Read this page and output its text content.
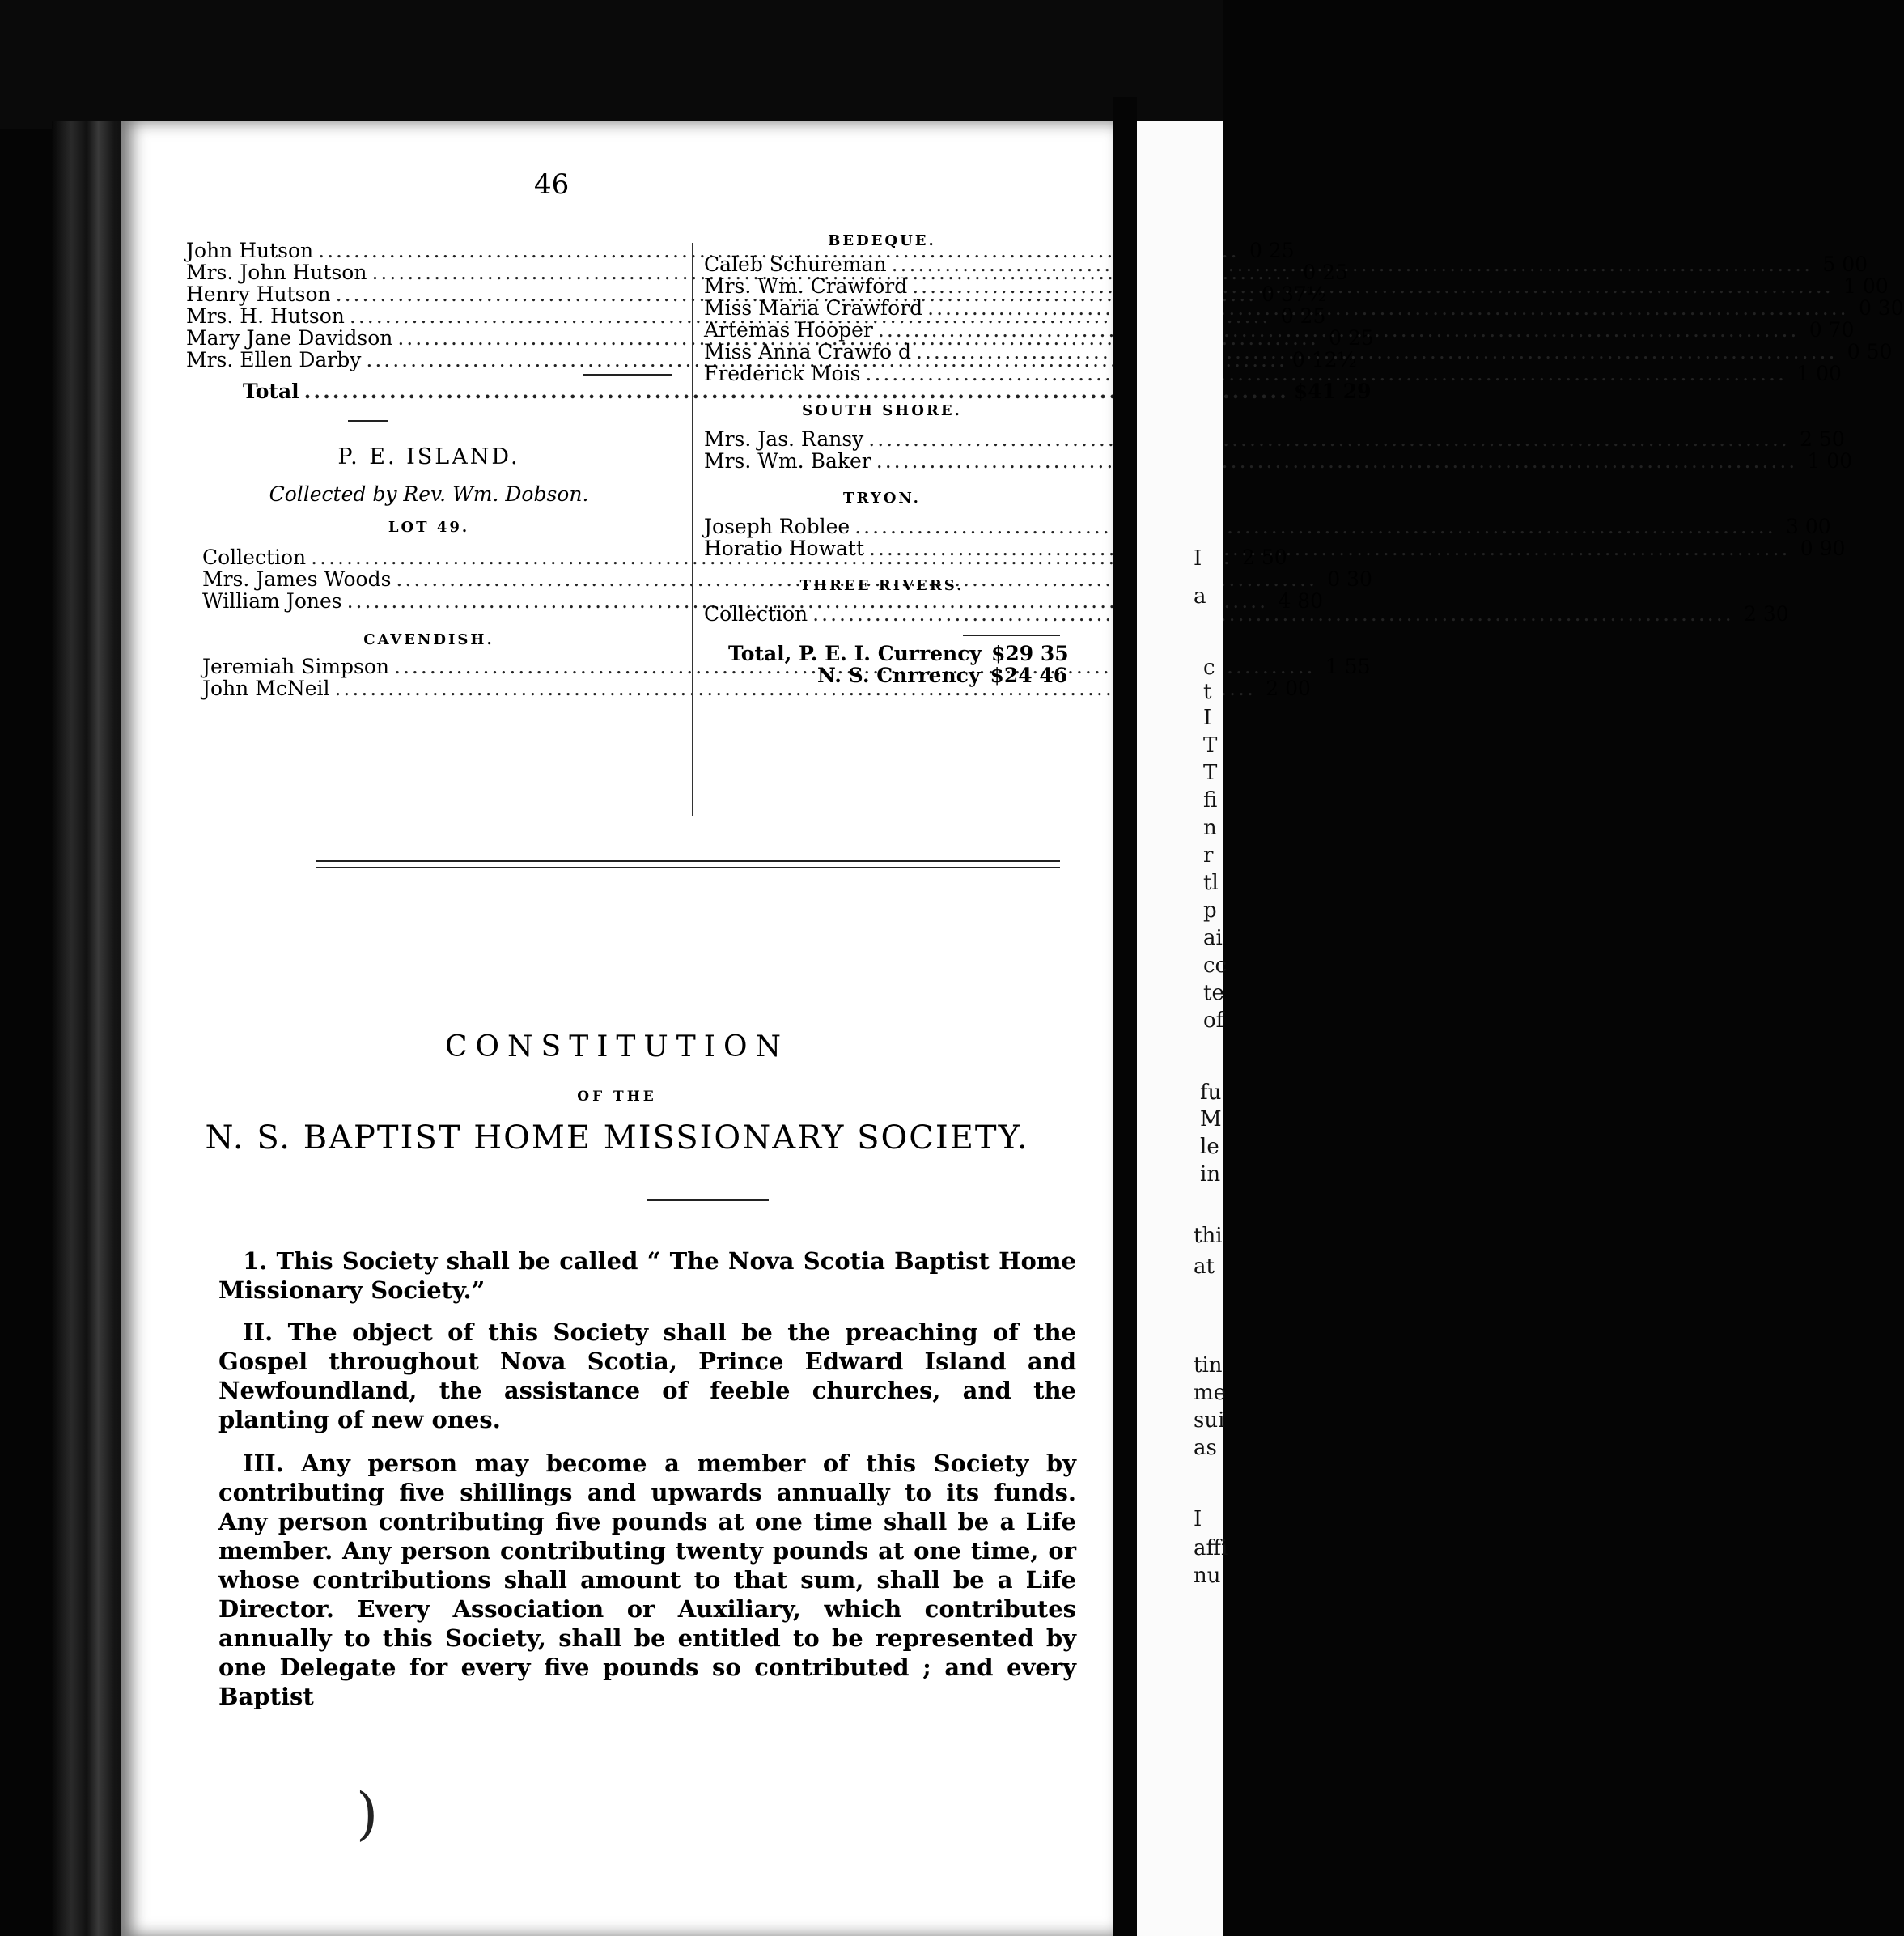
46
John Hutson .....	0 25
Mrs. John Hutson .....	0 25
Henry Hutson .....	0 37½
Mrs. H. Hutson .....	0 25
Mary Jane Davidson .....	0 25
Mrs. Ellen Darby .....	0 12½
Total .....	$41 29
P. E. ISLAND.
Collected by Rev. Wm. Dobson.
LOT 49.
Collection .....	2 50
Mrs. James Woods .....	0 30
William Jones .....	4 80
CAVENDISH.
Jeremiah Simpson .....	1 55
John McNeil .....	2 00
BEDEQUE.
Caleb Schureman .....	5 00
Mrs. Wm. Crawford .....	1 00
Miss Maria Crawford .....	0 30
Artemas Hooper .....	0 70
Miss Anna Crawfo d .....	0 50
Frederick Mois .....	1 00
SOUTH SHORE.
Mrs. Jas. Ransy .....	2 50
Mrs. Wm. Baker .....	1 00
TRYON.
Joseph Roblee .....	3 00
Horatio Howatt .....	0 90
THREE RIVERS.
Collection .....	2 30
Total, P. E. I. Currency $29 35
N. S. Cnrrency $24 46
CONSTITUTION
OF THE
N. S. BAPTIST HOME MISSIONARY SOCIETY.

1. This Society shall be called “ The Nova Scotia Baptist Home Missionary Society.”

II. The object of this Society shall be the preaching of the Gospel throughout Nova Scotia, Prince Edward Island and Newfoundland, the assistance of feeble churches, and the planting of new ones.

III. Any person may become a member of this Society by contributing five shillings and upwards annually to its funds. Any person contributing five pounds at one time shall be a Life member. Any person contributing twenty pounds at one time, or whose contributions shall amount to that sum, shall be a Life Director. Every Association or Auxiliary, which contributes annually to this Society, shall be entitled to be represented by one Delegate for every five pounds so contributed ; and every Baptist

)
I
a
c
t
I
T
T
fi
n
r
tl
p
ai
cc
te
of
fu
M
le
in
thi
at
tin
me
sui
as
I
affi
nu
